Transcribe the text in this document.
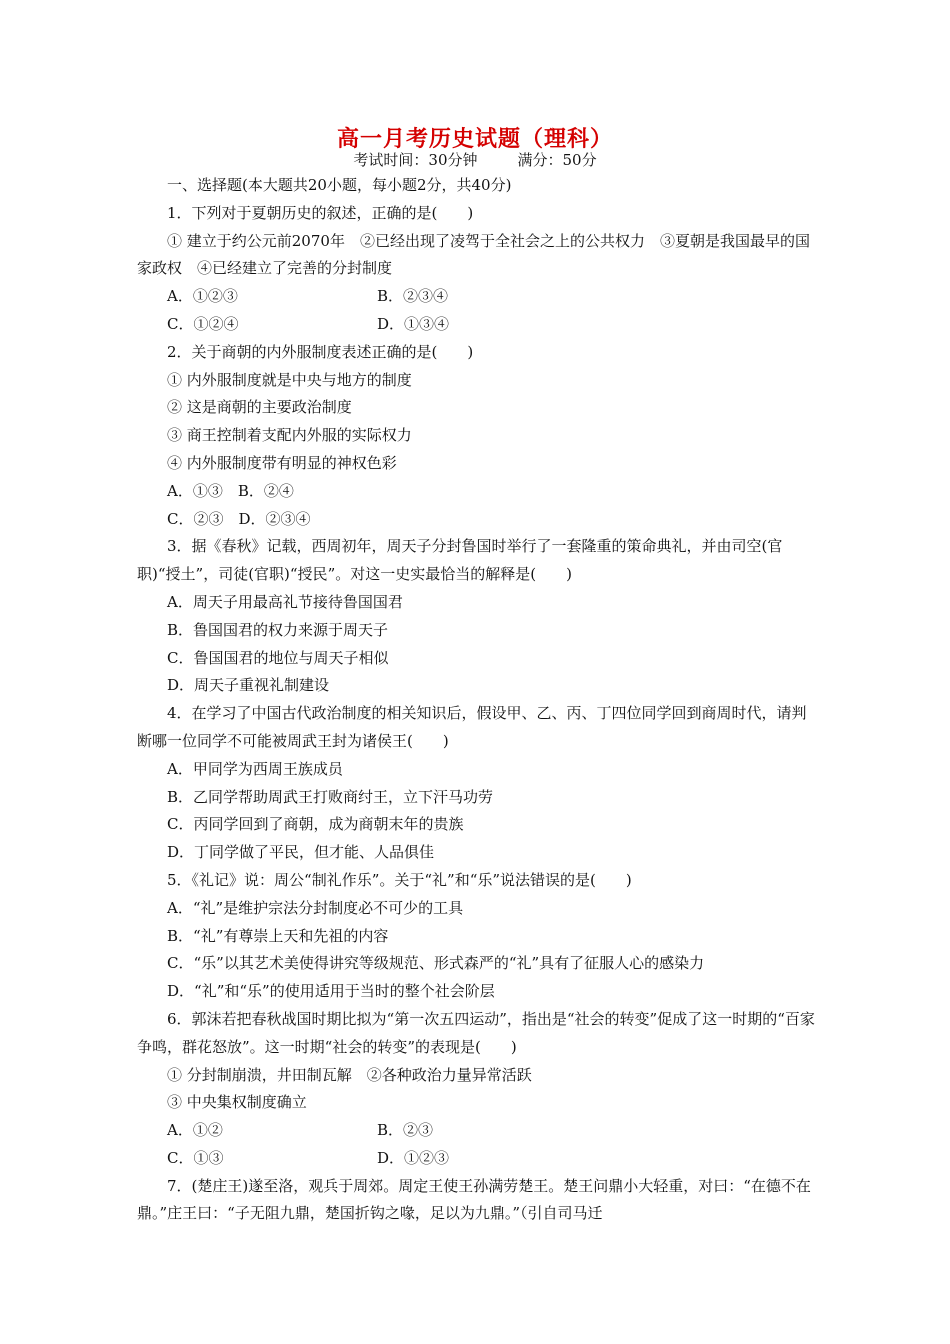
高一月考历史试题（理科）
考试时间：30分钟	满分：50分

一、选择题(本大题共20小题，每小题2分，共40分)

1．下列对于夏朝历史的叙述，正确的是(　　)

① 建立于约公元前2070年　②已经出现了凌驾于全社会之上的公共权力　③夏朝是我国最早的国家政权　④已经建立了完善的分封制度

A．①②③	B．②③④
C．①②④	D．①③④

2．关于商朝的内外服制度表述正确的是(　　)

① 内外服制度就是中央与地方的制度

② 这是商朝的主要政治制度

③ 商王控制着支配内外服的实际权力

④ 内外服制度带有明显的神权色彩

A．①③　B．②④

C．②③　D．②③④

3．据《春秋》记载，西周初年，周天子分封鲁国时举行了一套隆重的策命典礼，并由司空(官职)“授土”，司徒(官职)“授民”。对这一史实最恰当的解释是(　　)

A．周天子用最高礼节接待鲁国国君

B．鲁国国君的权力来源于周天子

C．鲁国国君的地位与周天子相似

D．周天子重视礼制建设

4．在学习了中国古代政治制度的相关知识后，假设甲、乙、丙、丁四位同学回到商周时代，请判断哪一位同学不可能被周武王封为诸侯王(　　)

A．甲同学为西周王族成员

B．乙同学帮助周武王打败商纣王，立下汗马功劳

C．丙同学回到了商朝，成为商朝末年的贵族

D．丁同学做了平民，但才能、人品俱佳

5．《礼记》说：周公“制礼作乐”。关于“礼”和“乐”说法错误的是(　　)

A．“礼”是维护宗法分封制度必不可少的工具

B．“礼”有尊崇上天和先祖的内容

C．“乐”以其艺术美使得讲究等级规范、形式森严的“礼”具有了征服人心的感染力

D．“礼”和“乐”的使用适用于当时的整个社会阶层

6．郭沫若把春秋战国时期比拟为“第一次五四运动”，指出是“社会的转变”促成了这一时期的“百家争鸣，群花怒放”。这一时期“社会的转变”的表现是(　　)

① 分封制崩溃，井田制瓦解　②各种政治力量异常活跃

③ 中央集权制度确立

A．①②	B．②③
C．①③	D．①②③

7．(楚庄王)遂至洛，观兵于周郊。周定王使王孙满劳楚王。楚王问鼎小大轻重，对曰：“在德不在鼎。”庄王曰：“子无阻九鼎，楚国折钩之喙，足以为九鼎。”（引自司马迁
